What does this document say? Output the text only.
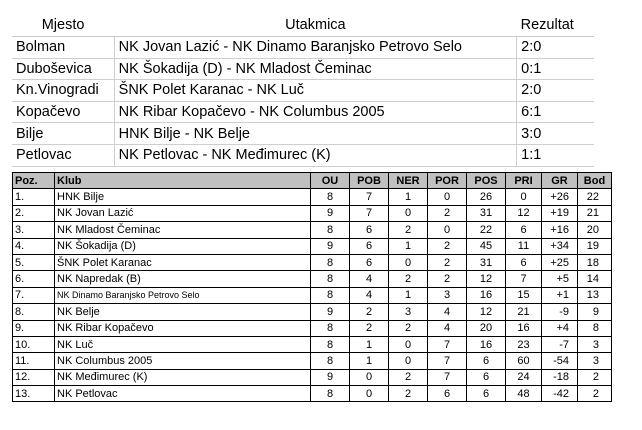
Mjesto	Utakmica	Rezultat
Bolman	NK Jovan Lazić - NK Dinamo Baranjsko Petrovo Selo	2:0
Duboševica	NK Šokadija (D) - NK Mladost Čeminac	0:1
Kn.Vinogradi	ŠNK Polet Karanac - NK Luč	2:0
Kopačevo	NK Ribar Kopačevo - NK Columbus 2005	6:1
Bilje	HNK Bilje - NK Belje	3:0
Petlovac	NK Petlovac - NK Međimurec (K)	1:1
Poz.	Klub	OU	POB	NER	POR	POS	PRI	GR	Bod
1.	HNK Bilje	8	7	1	0	26	0	+26	22
2.	NK Jovan Lazić	9	7	0	2	31	12	+19	21
3.	NK Mladost Čeminac	8	6	2	0	22	6	+16	20
4.	NK Šokadija (D)	9	6	1	2	45	11	+34	19
5.	ŠNK Polet Karanac	8	6	0	2	31	6	+25	18
6.	NK Napredak (B)	8	4	2	2	12	7	+5	14
7.	NK Dinamo Baranjsko Petrovo Selo	8	4	1	3	16	15	+1	13
8.	NK Belje	9	2	3	4	12	21	-9	9
9.	NK Ribar Kopačevo	8	2	2	4	20	16	+4	8
10.	NK Luč	8	1	0	7	16	23	-7	3
11.	NK Columbus 2005	8	1	0	7	6	60	-54	3
12.	NK Međimurec (K)	9	0	2	7	6	24	-18	2
13.	NK Petlovac	8	0	2	6	6	48	-42	2
